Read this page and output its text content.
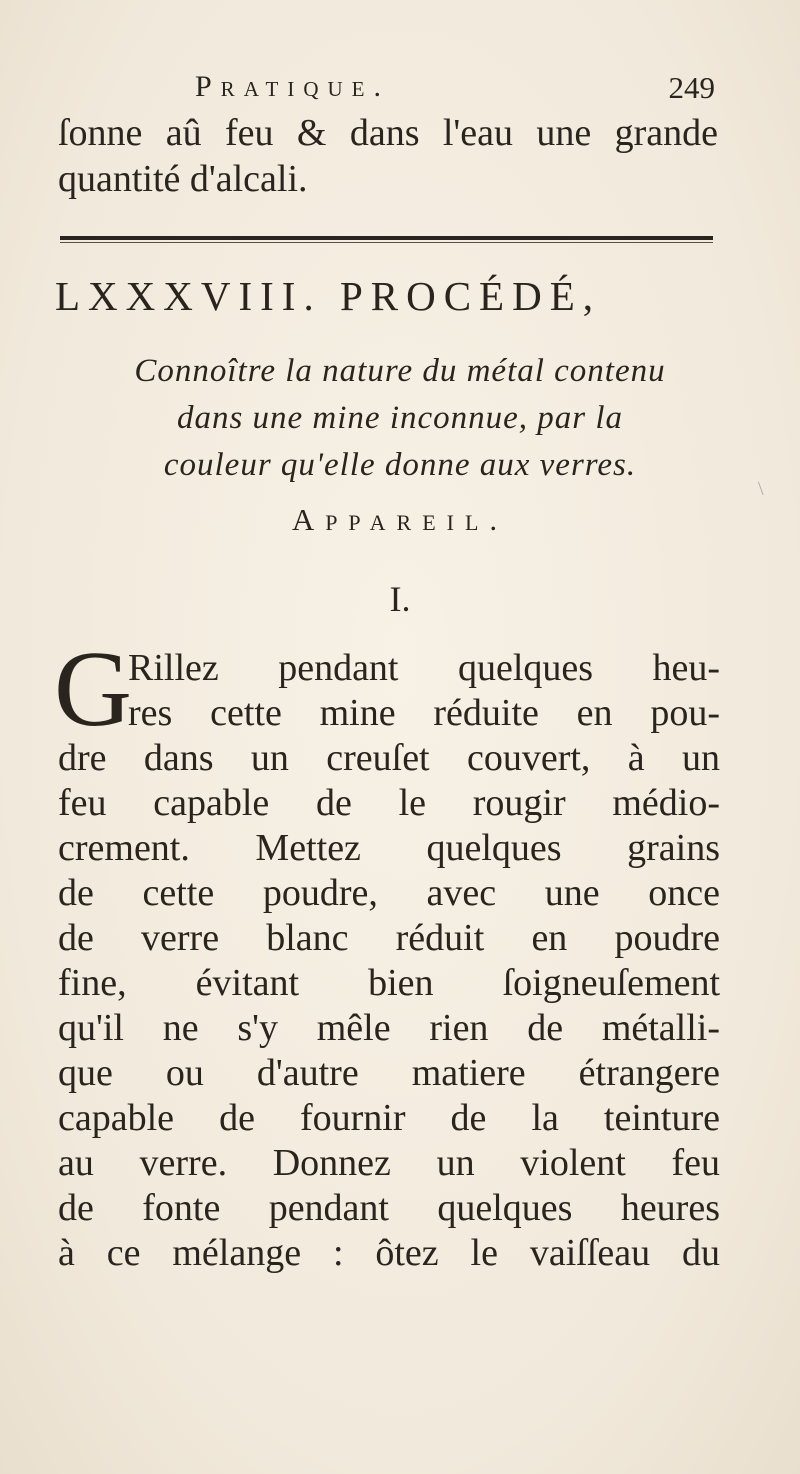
Pratique.	249
ſonne aû feu & dans l'eau une grande quantité d'alcali.
LXXXVIII. PROCÉDÉ,
Connoître la nature du métal contenu
dans une mine inconnue, par la
couleur qu'elle donne aux verres.
Appareil.
I.
G
Rillez pendant quelques heu-
res cette mine réduite en pou-
dre dans un creuſet couvert, à un
feu capable de le rougir médio-
crement. Mettez quelques grains
de cette poudre, avec une once
de verre blanc réduit en poudre
fine, évitant bien ſoigneuſement
qu'il ne s'y mêle rien de métalli-
que ou d'autre matiere étrangere
capable de fournir de la teinture
au verre. Donnez un violent feu
de fonte pendant quelques heures
à ce mélange : ôtez le vaiſſeau du
